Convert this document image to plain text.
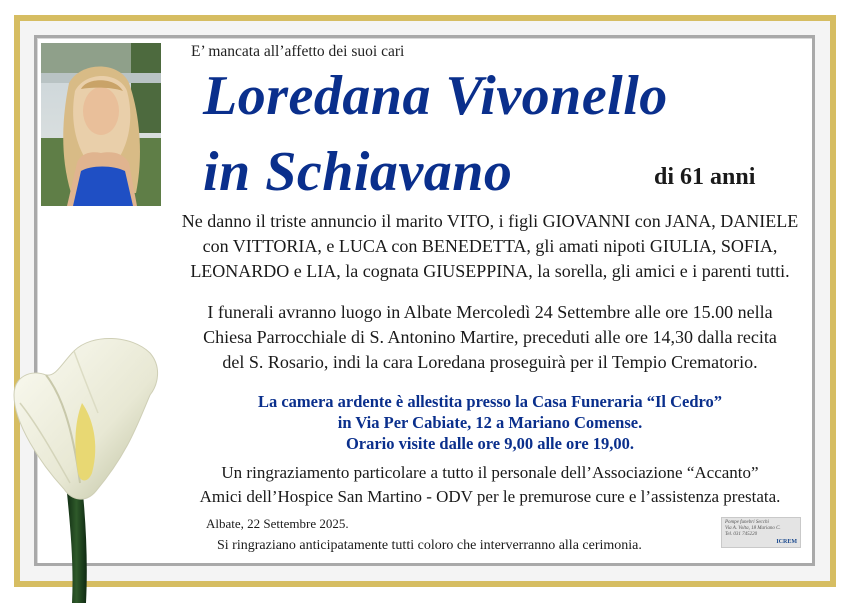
E’ mancata all’affetto dei suoi cari
Loredana Vivonello
in Schiavano	di 61 anni
Ne danno il triste annuncio il marito VITO, i figli GIOVANNI con JANA, DANIELE
con VITTORIA, e LUCA con BENEDETTA, gli amati nipoti GIULIA, SOFIA,
LEONARDO e LIA, la cognata GIUSEPPINA, la sorella, gli amici e i parenti tutti.
I funerali avranno luogo in Albate Mercoledì 24 Settembre alle ore 15.00 nella
Chiesa Parrocchiale di S. Antonino Martire, preceduti alle ore 14,30 dalla recita
del S. Rosario, indi la cara Loredana proseguirà per il Tempio Crematorio.
La camera ardente è allestita presso la Casa Funeraria “Il Cedro”
in Via Per Cabiate, 12 a Mariano Comense.
Orario visite dalle ore 9,00 alle ore 19,00.
Un ringraziamento particolare a tutto il personale dell’Associazione “Accanto”
Amici dell’Hospice San Martino - ODV per le premurose cure e l’assistenza prestata.
Albate, 22 Settembre 2025.
Si ringraziano anticipatamente tutti coloro che interverranno alla cerimonia.
Pompe funebri Secchi
Via A. Volta, 18 Mariano C.
Tel. 031 745220
ICREM
